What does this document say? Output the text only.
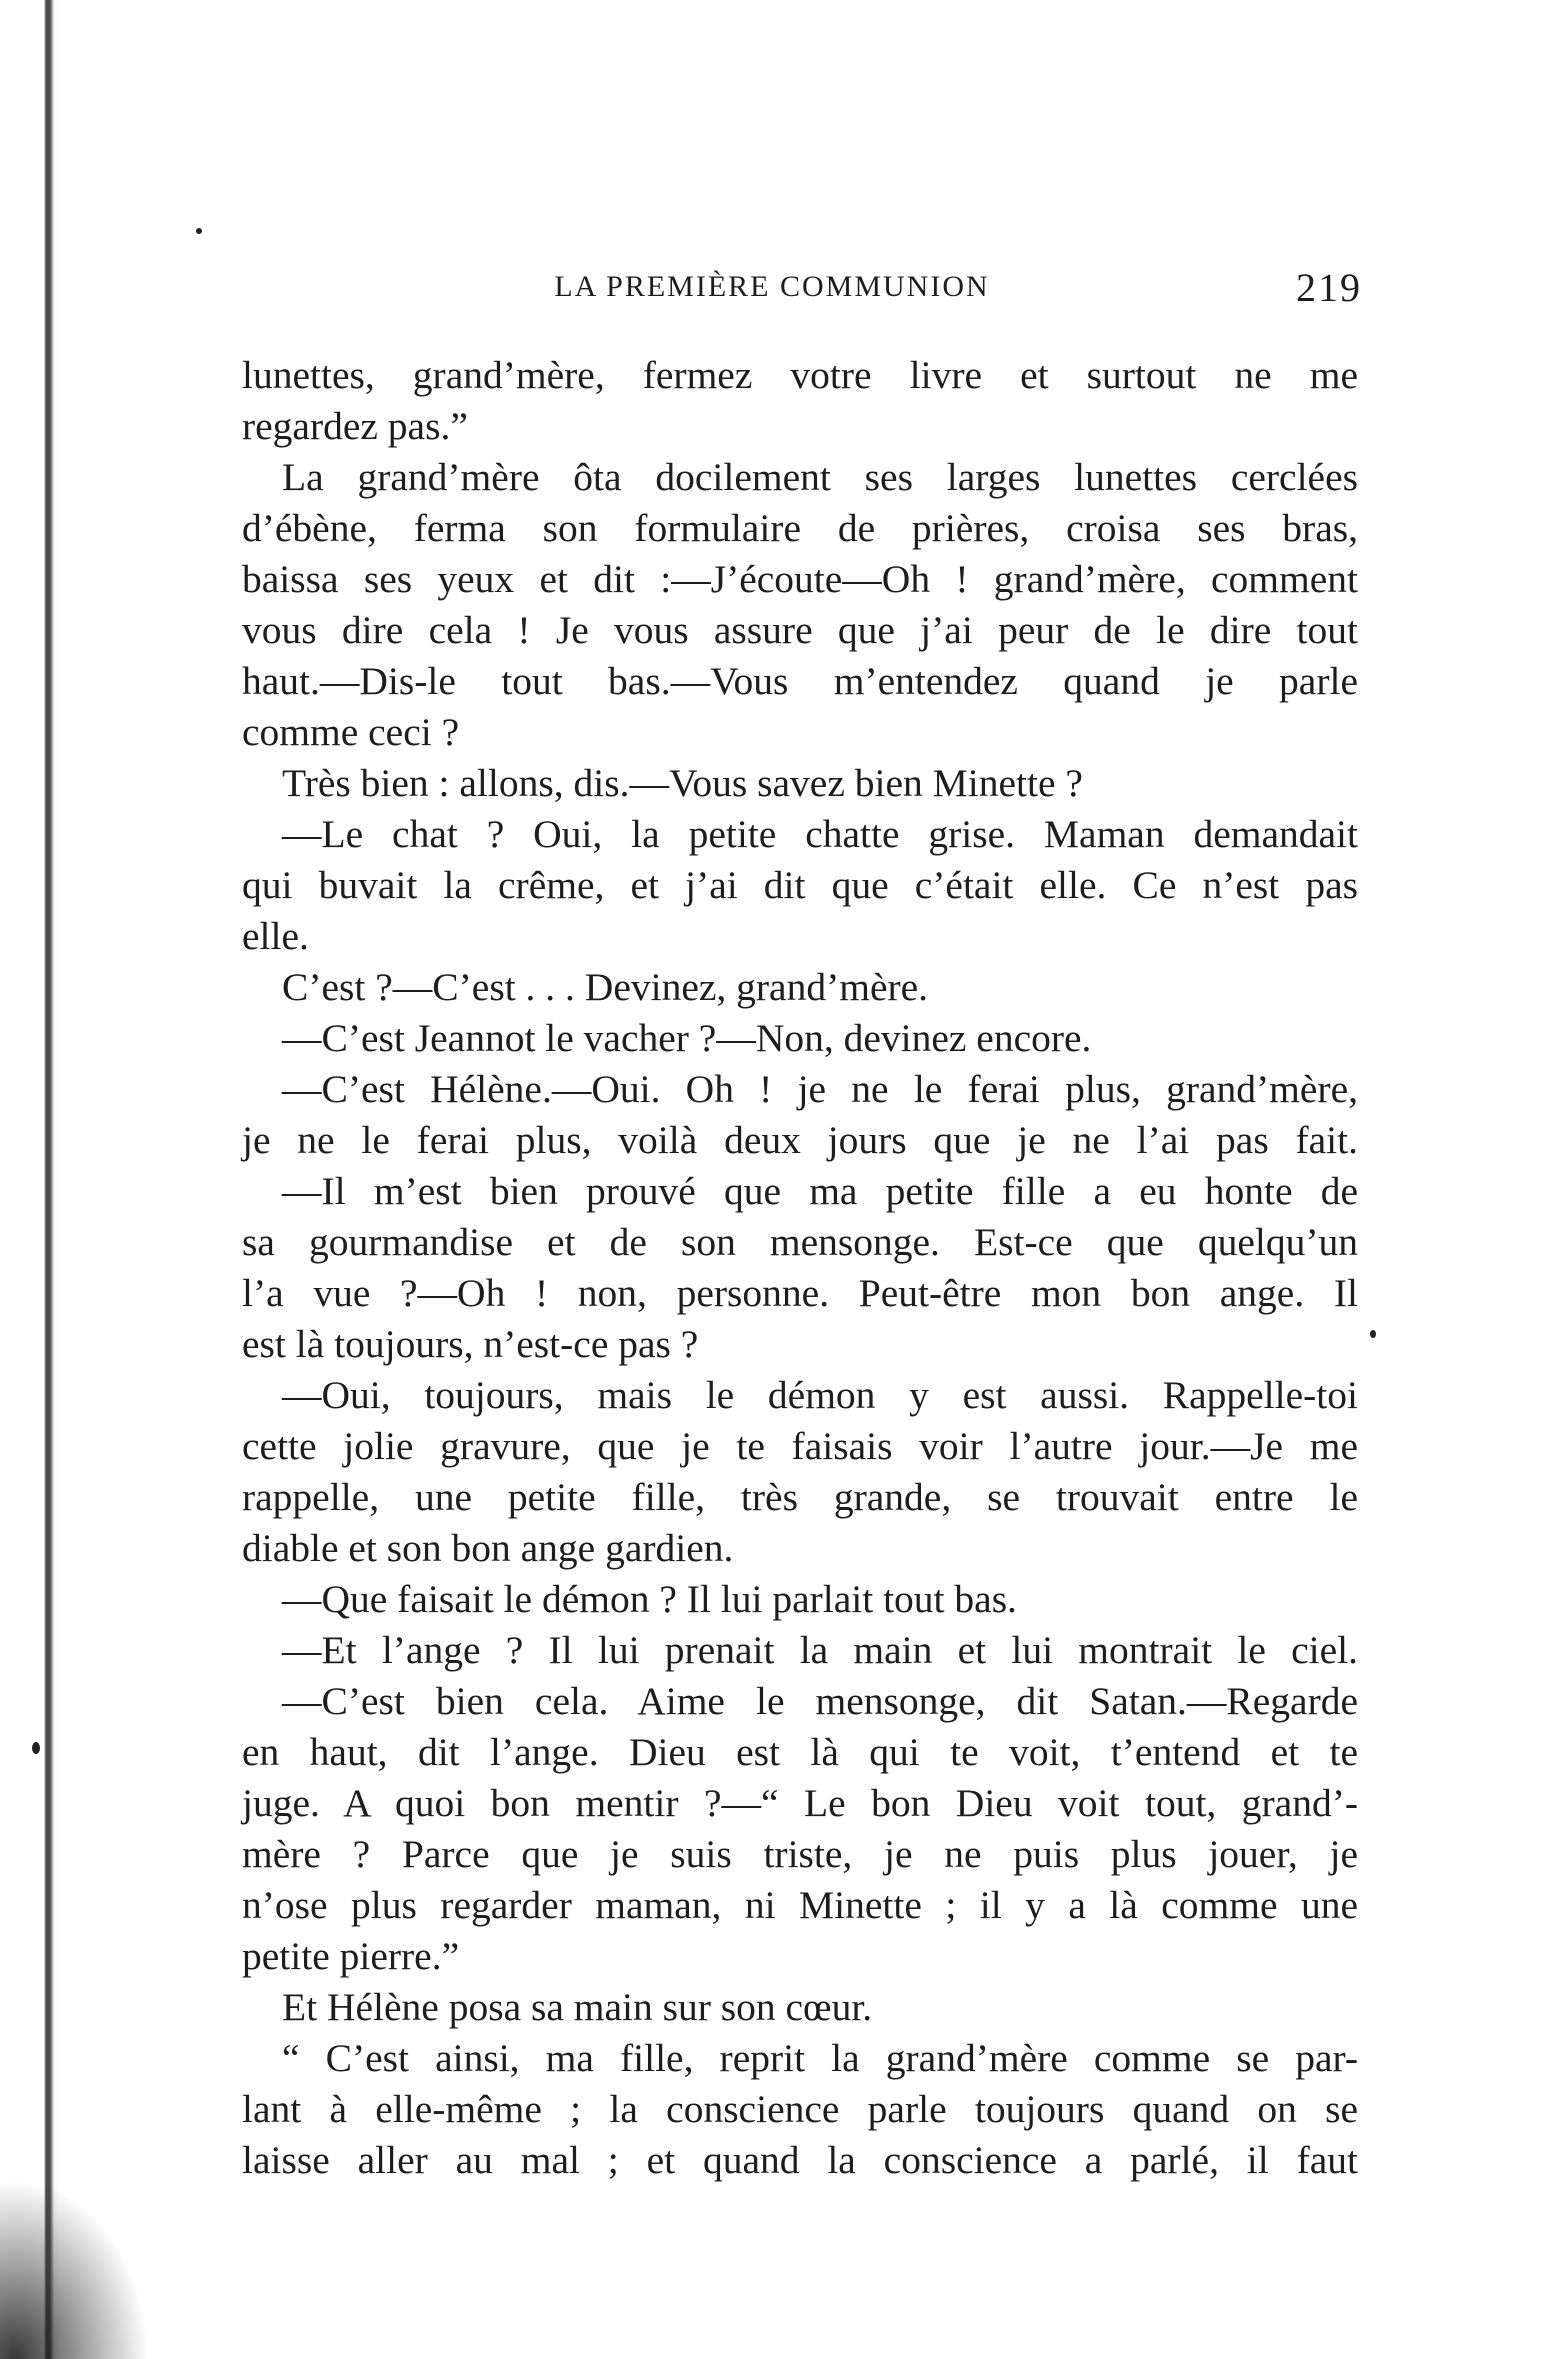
LA PREMIÈRE COMMUNION	219
lunettes, grand’mère, fermez votre livre et surtout ne me
regardez pas.”
La grand’mère ôta docilement ses larges lunettes cerclées
d’ébène, ferma son formulaire de prières, croisa ses bras,
baissa ses yeux et dit :—J’écoute—Oh ! grand’mère, comment
vous dire cela ! Je vous assure que j’ai peur de le dire tout
haut.—Dis-le tout bas.—Vous m’entendez quand je parle
comme ceci ?
Très bien : allons, dis.—Vous savez bien Minette ?
—Le chat ? Oui, la petite chatte grise. Maman demandait
qui buvait la crême, et j’ai dit que c’était elle. Ce n’est pas
elle.
C’est ?—C’est . . . Devinez, grand’mère.
—C’est Jeannot le vacher ?—Non, devinez encore.
—C’est Hélène.—Oui. Oh ! je ne le ferai plus, grand’mère,
je ne le ferai plus, voilà deux jours que je ne l’ai pas fait.
—Il m’est bien prouvé que ma petite fille a eu honte de
sa gourmandise et de son mensonge. Est-ce que quelqu’un
l’a vue ?—Oh ! non, personne. Peut-être mon bon ange. Il
est là toujours, n’est-ce pas ?
—Oui, toujours, mais le démon y est aussi. Rappelle-toi
cette jolie gravure, que je te faisais voir l’autre jour.—Je me
rappelle, une petite fille, très grande, se trouvait entre le
diable et son bon ange gardien.
—Que faisait le démon ? Il lui parlait tout bas.
—Et l’ange ? Il lui prenait la main et lui montrait le ciel.
—C’est bien cela. Aime le mensonge, dit Satan.—Regarde
en haut, dit l’ange. Dieu est là qui te voit, t’entend et te
juge. A quoi bon mentir ?—“ Le bon Dieu voit tout, grand’-
mère ? Parce que je suis triste, je ne puis plus jouer, je
n’ose plus regarder maman, ni Minette ; il y a là comme une
petite pierre.”
Et Hélène posa sa main sur son cœur.
“ C’est ainsi, ma fille, reprit la grand’mère comme se par-
lant à elle-même ; la conscience parle toujours quand on se
laisse aller au mal ; et quand la conscience a parlé, il faut
